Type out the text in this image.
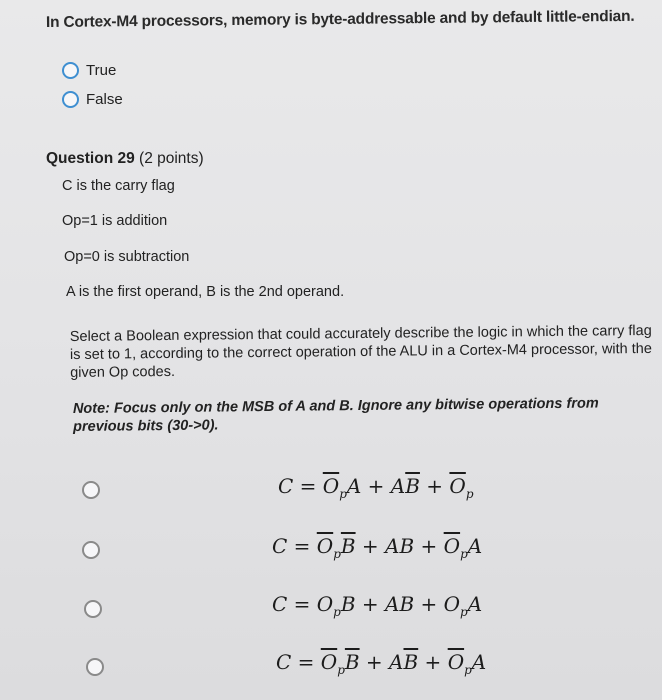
In Cortex-M4 processors, memory is byte-addressable and by default little-endian.
True
False
Question 29 (2 points)
C is the carry flag
Op=1 is addition
Op=0 is subtraction
A is the first operand, B is the 2nd operand.
Select a Boolean expression that could accurately describe the logic in which the carry flag is set to 1, according to the correct operation of the ALU in a Cortex-M4 processor, with the given Op codes.
Note: Focus only on the MSB of A and B. Ignore any bitwise operations from previous bits (30->0).
$C = \overline{O}_pA + A\overline{B} + \overline{O}_p$
$C = \overline{O}_p\overline{B}$ + AB + $\overline{O}_pA$
$C = O_pB$ + AB + $O_pA$
$C = \overline{O}_p\overline{B} + A\overline{B} + \overline{O}_pA$
